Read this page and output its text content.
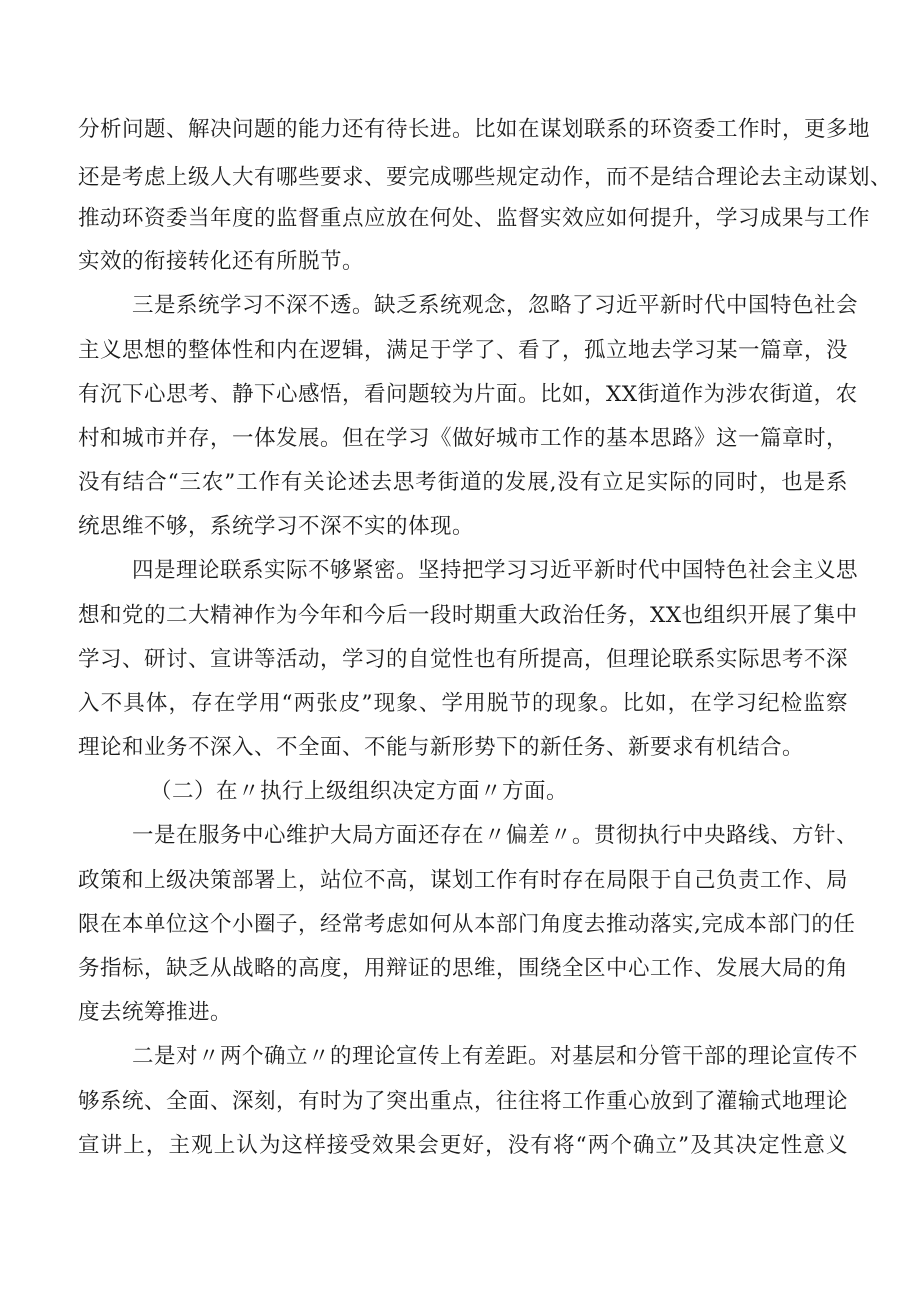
分析问题、解决问题的能力还有待长进。比如在谋划联系的环资委工作时，更多地
还是考虑上级人大有哪些要求、要完成哪些规定动作，而不是结合理论去主动谋划、
推动环资委当年度的监督重点应放在何处、监督实效应如何提升，学习成果与工作
实效的衔接转化还有所脱节。
三是系统学习不深不透。缺乏系统观念，忽略了习近平新时代中国特色社会
主义思想的整体性和内在逻辑，满足于学了、看了，孤立地去学习某一篇章，没
有沉下心思考、静下心感悟，看问题较为片面。比如，XX街道作为涉农街道，农
村和城市并存，一体发展。但在学习《做好城市工作的基本思路》这一篇章时，
没有结合“三农”工作有关论述去思考街道的发展,没有立足实际的同时，也是系
统思维不够，系统学习不深不实的体现。
四是理论联系实际不够紧密。坚持把学习习近平新时代中国特色社会主义思
想和党的二大精神作为今年和今后一段时期重大政治任务，XX也组织开展了集中
学习、研讨、宣讲等活动，学习的自觉性也有所提高，但理论联系实际思考不深
入不具体，存在学用“两张皮”现象、学用脱节的现象。比如，在学习纪检监察
理论和业务不深入、不全面、不能与新形势下的新任务、新要求有机结合。
（二）在〃执行上级组织决定方面〃方面。
一是在服务中心维护大局方面还存在〃偏差〃。贯彻执行中央路线、方针、
政策和上级决策部署上，站位不高，谋划工作有时存在局限于自己负责工作、局
限在本单位这个小圈子，经常考虑如何从本部门角度去推动落实,完成本部门的任
务指标，缺乏从战略的高度，用辩证的思维，围绕全区中心工作、发展大局的角
度去统筹推进。
二是对〃两个确立〃的理论宣传上有差距。对基层和分管干部的理论宣传不
够系统、全面、深刻，有时为了突出重点，往往将工作重心放到了灌输式地理论
宣讲上，主观上认为这样接受效果会更好，没有将“两个确立”及其决定性意义
